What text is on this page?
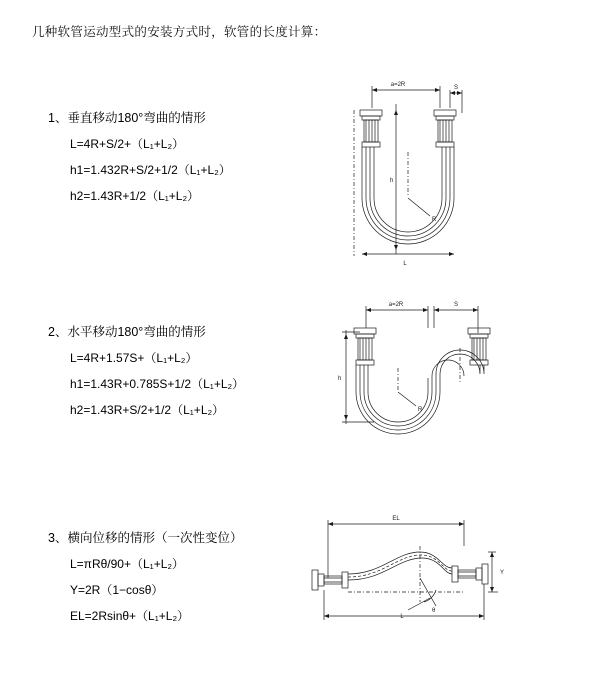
几种软管运动型式的安装方式时，软管的长度计算：
1、垂直移动180°弯曲的情形
L=4R+S/2+（L₁+L₂）
h1=1.432R+S/2+1/2（L₁+L₂）
h2=1.43R+1/2（L₁+L₂）
a=2R	S
h
R
L
2、水平移动180°弯曲的情形
L=4R+1.57S+（L₁+L₂）
h1=1.43R+0.785S+1/2（L₁+L₂）
h2=1.43R+S/2+1/2（L₁+L₂）
a=2R	S
h
R
3、横向位移的情形（一次性变位）
L=πRθ/90+（L₁+L₂）
Y=2R（1−cosθ）
EL=2Rsinθ+（L₁+L₂）
EL
Y
L
θ
